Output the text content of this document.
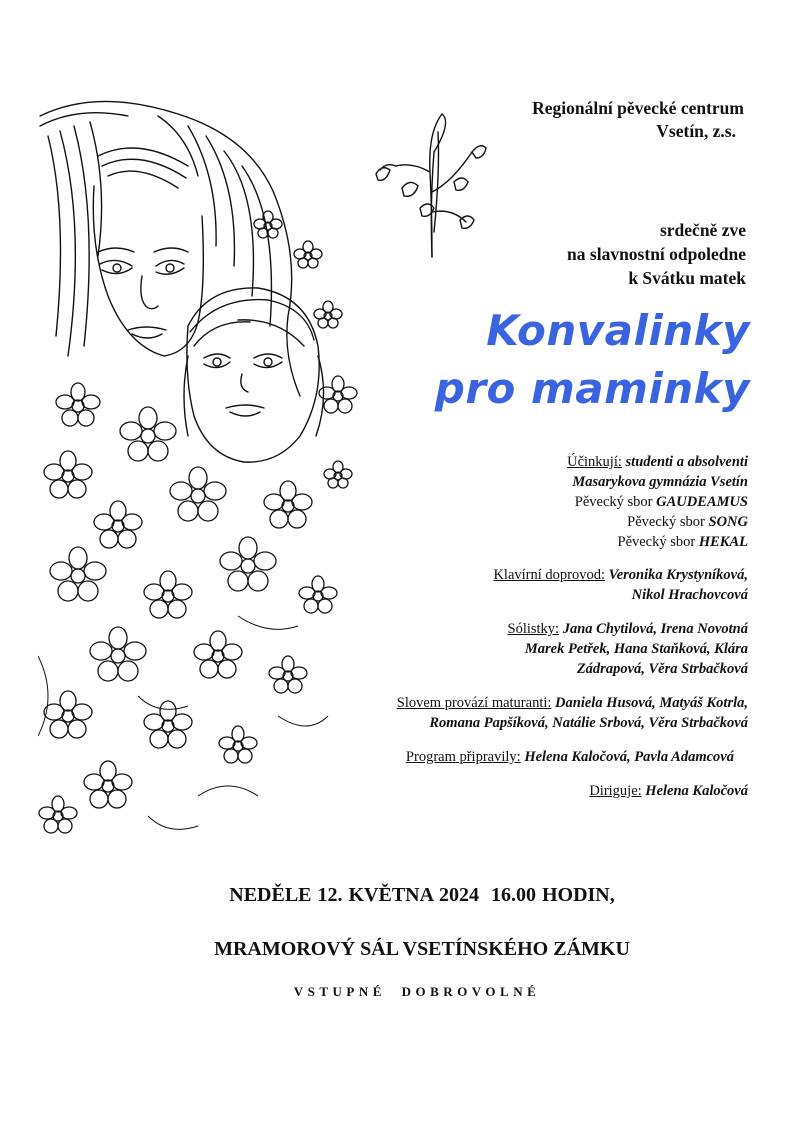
Regionální pěvecké centrum
Vsetín, z.s.
srdečně zve
na slavnostní odpoledne
k Svátku matek
Konvalinky
pro maminky
Účinkují: studenti a absolventi
Masarykova gymnázia Vsetín
Pěvecký sbor GAUDEAMUS
Pěvecký sbor SONG
Pěvecký sbor HEKAL
Klavírní doprovod: Veronika Krystyníková,
Nikol Hrachovcová
Sólistky: Jana Chytilová, Irena Novotná
Marek Petřek, Hana Staňková, Klára
Zádrapová, Věra Strbačková
Slovem provází maturanti: Daniela Husová, Matyáš Kotrla,
Romana Papšíková, Natálie Srbová, Věra Strbačková
Program připravily: Helena Kaločová, Pavla Adamcová
Diriguje: Helena Kaločová
NEDĚLE 12. KVĚTNA 2024  16.00 HODIN,
MRAMOROVÝ SÁL VSETÍNSKÉHO ZÁMKU
VSTUPNÉ DOBROVOLNÉ
